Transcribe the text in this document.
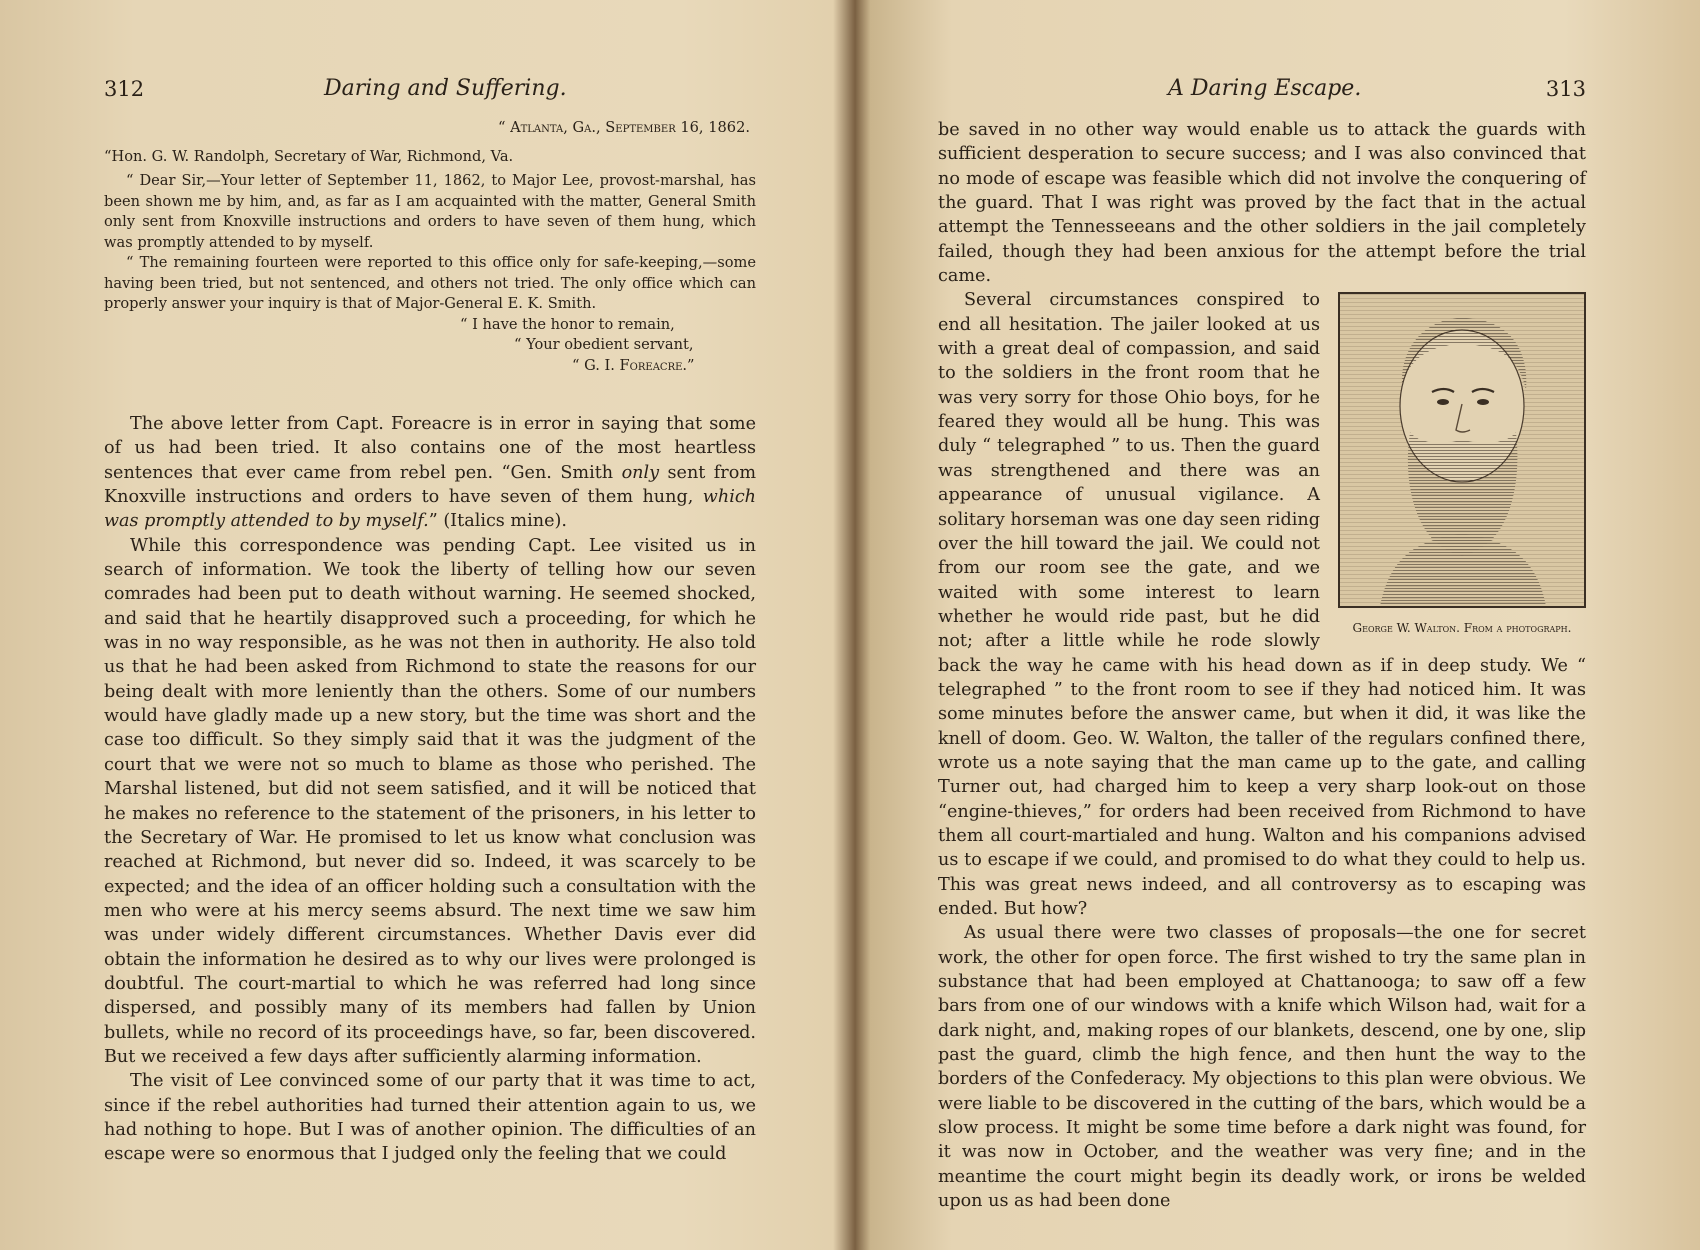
312	Daring and Suffering.

“ Atlanta, Ga., September 16, 1862.

“Hon. G. W. Randolph, Secretary of War, Richmond, Va.

“ Dear Sir,—Your letter of September 11, 1862, to Major Lee, provost-marshal, has been shown me by him, and, as far as I am acquainted with the matter, General Smith only sent from Knoxville instructions and orders to have seven of them hung, which was promptly attended to by myself.

“ The remaining fourteen were reported to this office only for safe-keeping,—some having been tried, but not sentenced, and others not tried. The only office which can properly answer your inquiry is that of Major-General E. K. Smith.

“ I have the honor to remain,

“ Your obedient servant,

“ G. I. Foreacre.”

The above letter from Capt. Foreacre is in error in saying that some of us had been tried. It also contains one of the most heartless sentences that ever came from rebel pen. “Gen. Smith only sent from Knoxville instructions and orders to have seven of them hung, which was promptly attended to by myself.” (Italics mine).

While this correspondence was pending Capt. Lee visited us in search of information. We took the liberty of telling how our seven comrades had been put to death without warning. He seemed shocked, and said that he heartily disapproved such a proceeding, for which he was in no way responsible, as he was not then in authority. He also told us that he had been asked from Richmond to state the reasons for our being dealt with more leniently than the others. Some of our numbers would have gladly made up a new story, but the time was short and the case too difficult. So they simply said that it was the judgment of the court that we were not so much to blame as those who perished. The Marshal listened, but did not seem satisfied, and it will be noticed that he makes no reference to the statement of the prisoners, in his letter to the Secretary of War. He promised to let us know what conclusion was reached at Richmond, but never did so. Indeed, it was scarcely to be expected; and the idea of an officer holding such a consultation with the men who were at his mercy seems absurd. The next time we saw him was under widely different circumstances. Whether Davis ever did obtain the information he desired as to why our lives were prolonged is doubtful. The court-martial to which he was referred had long since dispersed, and possibly many of its members had fallen by Union bullets, while no record of its proceedings have, so far, been discovered. But we received a few days after sufficiently alarming information.

The visit of Lee convinced some of our party that it was time to act, since if the rebel authorities had turned their attention again to us, we had nothing to hope. But I was of another opinion. The difficulties of an escape were so enormous that I judged only the feeling that we could

A Daring Escape.	313

be saved in no other way would enable us to attack the guards with sufficient desperation to secure success; and I was also convinced that no mode of escape was feasible which did not involve the conquering of the guard. That I was right was proved by the fact that in the actual attempt the Tennesseeans and the other soldiers in the jail completely failed, though they had been anxious for the attempt before the trial came.

George W. Walton. From a photograph.
Several circumstances conspired to end all hesitation. The jailer looked at us with a great deal of compassion, and said to the soldiers in the front room that he was very sorry for those Ohio boys, for he feared they would all be hung. This was duly “ telegraphed ” to us. Then the guard was strengthened and there was an appearance of unusual vigilance. A solitary horseman was one day seen riding over the hill toward the jail. We could not from our room see the gate, and we waited with some interest to learn whether he would ride past, but he did not; after a little while he rode slowly back the way he came with his head down as if in deep study. We “ telegraphed ” to the front room to see if they had noticed him. It was some minutes before the answer came, but when it did, it was like the knell of doom. Geo. W. Walton, the taller of the regulars confined there, wrote us a note saying that the man came up to the gate, and calling Turner out, had charged him to keep a very sharp look-out on those “engine-thieves,” for orders had been received from Richmond to have them all court-martialed and hung. Walton and his companions advised us to escape if we could, and promised to do what they could to help us. This was great news indeed, and all controversy as to escaping was ended. But how?

As usual there were two classes of proposals—the one for secret work, the other for open force. The first wished to try the same plan in substance that had been employed at Chattanooga; to saw off a few bars from one of our windows with a knife which Wilson had, wait for a dark night, and, making ropes of our blankets, descend, one by one, slip past the guard, climb the high fence, and then hunt the way to the borders of the Confederacy. My objections to this plan were obvious. We were liable to be discovered in the cutting of the bars, which would be a slow process. It might be some time before a dark night was found, for it was now in October, and the weather was very fine; and in the meantime the court might begin its deadly work, or irons be welded upon us as had been done
